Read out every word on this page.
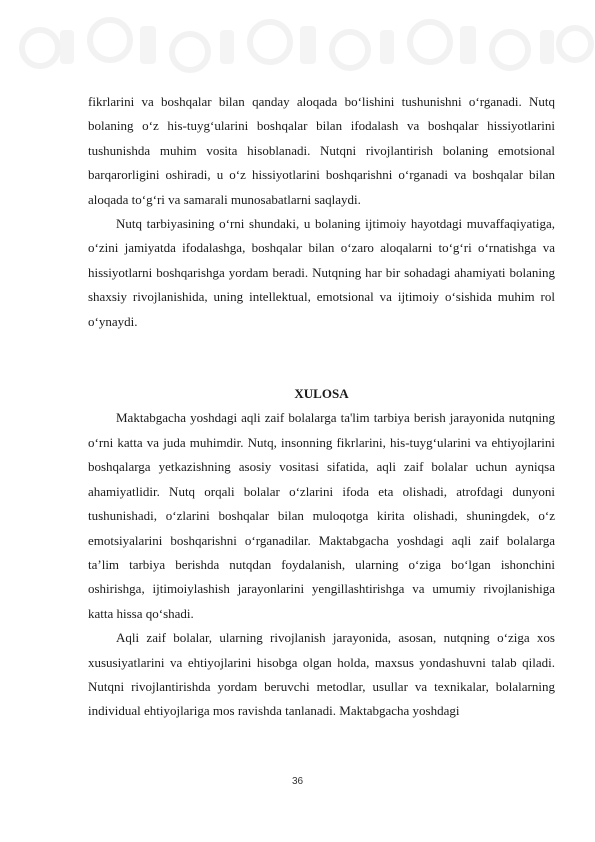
fikrlarini va boshqalar bilan qanday aloqada bo‘lishini tushunishni o‘rganadi. Nutq bolaning o‘z his-tuyg‘ularini boshqalar bilan ifodalash va boshqalar hissiyotlarini tushunishda muhim vosita hisoblanadi. Nutqni rivojlantirish bolaning emotsional barqarorligini oshiradi, u o‘z hissiyotlarini boshqarishni o‘rganadi va boshqalar bilan aloqada to‘g‘ri va samarali munosabatlarni saqlaydi.

Nutq tarbiyasining o‘rni shundaki, u bolaning ijtimoiy hayotdagi muvaffaqiyatiga, o‘zini jamiyatda ifodalashga, boshqalar bilan o‘zaro aloqalarni to‘g‘ri o‘rnatishga va hissiyotlarni boshqarishga yordam beradi. Nutqning har bir sohadagi ahamiyati bolaning shaxsiy rivojlanishida, uning intellektual, emotsional va ijtimoiy o‘sishida muhim rol o‘ynaydi.

XULOSA

Maktabgacha yoshdagi aqli zaif bolalarga ta'lim tarbiya berish jarayonida nutqning o‘rni katta va juda muhimdir. Nutq, insonning fikrlarini, his-tuyg‘ularini va ehtiyojlarini boshqalarga yetkazishning asosiy vositasi sifatida, aqli zaif bolalar uchun ayniqsa ahamiyatlidir. Nutq orqali bolalar o‘zlarini ifoda eta olishadi, atrofdagi dunyoni tushunishadi, o‘zlarini boshqalar bilan muloqotga kirita olishadi, shuningdek, o‘z emotsiyalarini boshqarishni o‘rganadilar. Maktabgacha yoshdagi aqli zaif bolalarga ta’lim tarbiya berishda nutqdan foydalanish, ularning o‘ziga bo‘lgan ishonchini oshirishga, ijtimoiylashish jarayonlarini yengillashtirishga va umumiy rivojlanishiga katta hissa qo‘shadi.

Aqli zaif bolalar, ularning rivojlanish jarayonida, asosan, nutqning o‘ziga xos xususiyatlarini va ehtiyojlarini hisobga olgan holda, maxsus yondashuvni talab qiladi. Nutqni rivojlantirishda yordam beruvchi metodlar, usullar va texnikalar, bolalarning individual ehtiyojlariga mos ravishda tanlanadi. Maktabgacha yoshdagi

36
